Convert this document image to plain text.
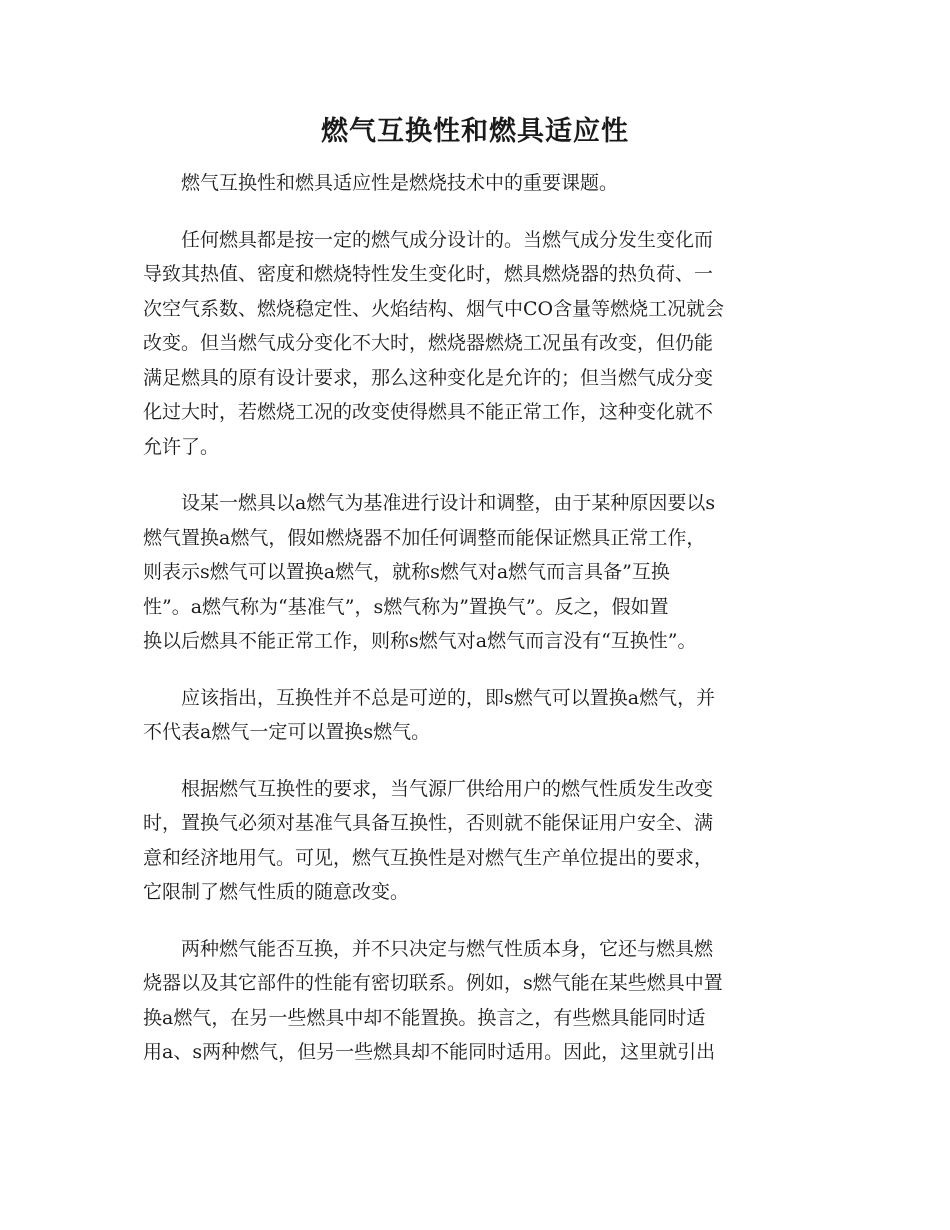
燃气互换性和燃具适应性

燃气互换性和燃具适应性是燃烧技术中的重要课题。

任何燃具都是按一定的燃气成分设计的。当燃气成分发生变化而
导致其热值、密度和燃烧特性发生变化时，燃具燃烧器的热负荷、一
次空气系数、燃烧稳定性、火焰结构、烟气中CO含量等燃烧工况就会
改变。但当燃气成分变化不大时，燃烧器燃烧工况虽有改变，但仍能
满足燃具的原有设计要求，那么这种变化是允许的；但当燃气成分变
化过大时，若燃烧工况的改变使得燃具不能正常工作，这种变化就不
允许了。

设某一燃具以a燃气为基准进行设计和调整，由于某种原因要以s
燃气置换a燃气，假如燃烧器不加任何调整而能保证燃具正常工作，
则表示s燃气可以置换a燃气，就称s燃气对a燃气而言具备”互换
性”。a燃气称为“基准气”，s燃气称为”置换气”。反之，假如置
换以后燃具不能正常工作，则称s燃气对a燃气而言没有“互换性”。

应该指出，互换性并不总是可逆的，即s燃气可以置换a燃气，并
不代表a燃气一定可以置换s燃气。

根据燃气互换性的要求，当气源厂供给用户的燃气性质发生改变
时，置换气必须对基准气具备互换性，否则就不能保证用户安全、满
意和经济地用气。可见，燃气互换性是对燃气生产单位提出的要求，
它限制了燃气性质的随意改变。

两种燃气能否互换，并不只决定与燃气性质本身，它还与燃具燃
烧器以及其它部件的性能有密切联系。例如，s燃气能在某些燃具中置
换a燃气，在另一些燃具中却不能置换。换言之，有些燃具能同时适
用a、s两种燃气，但另一些燃具却不能同时适用。因此，这里就引出
